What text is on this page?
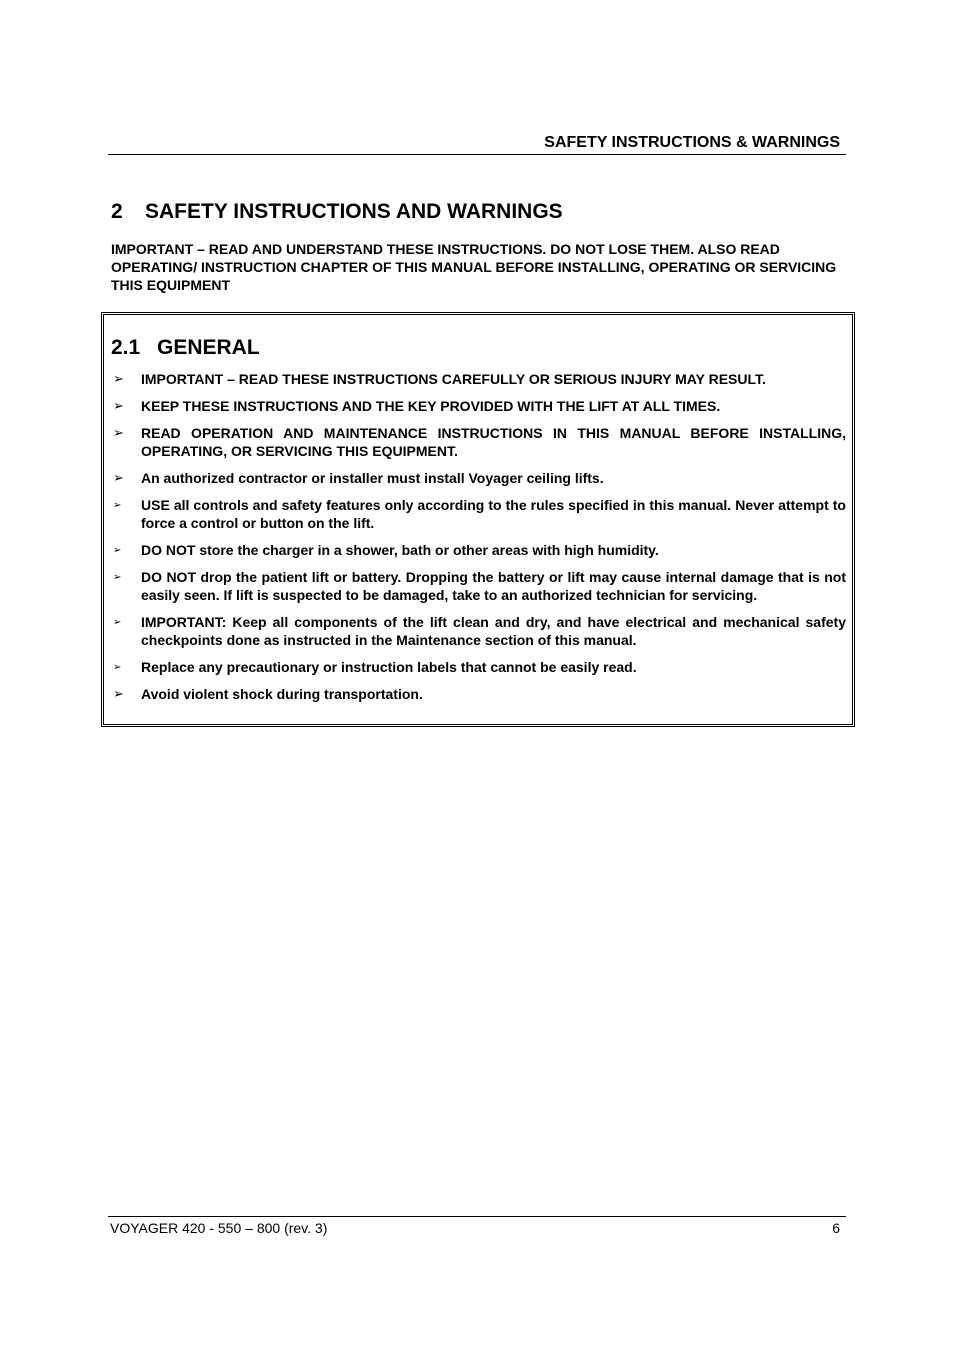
SAFETY INSTRUCTIONS & WARNINGS
2	SAFETY INSTRUCTIONS AND WARNINGS
IMPORTANT – READ AND UNDERSTAND THESE INSTRUCTIONS. DO NOT LOSE THEM. ALSO READ OPERATING/ INSTRUCTION CHAPTER OF THIS MANUAL BEFORE INSTALLING, OPERATING OR SERVICING THIS EQUIPMENT
2.1 GENERAL
➢ IMPORTANT – READ THESE INSTRUCTIONS CAREFULLY OR SERIOUS INJURY MAY RESULT.
➢ KEEP THESE INSTRUCTIONS AND THE KEY PROVIDED WITH THE LIFT AT ALL TIMES.
➢ READ OPERATION AND MAINTENANCE INSTRUCTIONS IN THIS MANUAL BEFORE INSTALLING, OPERATING, OR SERVICING THIS EQUIPMENT.
➢ An authorized contractor or installer must install Voyager ceiling lifts.
➢ USE all controls and safety features only according to the rules specified in this manual. Never attempt to force a control or button on the lift.
➢ DO NOT store the charger in a shower, bath or other areas with high humidity.
➢ DO NOT drop the patient lift or battery. Dropping the battery or lift may cause internal damage that is not easily seen. If lift is suspected to be damaged, take to an authorized technician for servicing.
➢ IMPORTANT: Keep all components of the lift clean and dry, and have electrical and mechanical safety checkpoints done as instructed in the Maintenance section of this manual.
➢ Replace any precautionary or instruction labels that cannot be easily read.
➢ Avoid violent shock during transportation.
VOYAGER 420 - 550 – 800 (rev. 3)	6
